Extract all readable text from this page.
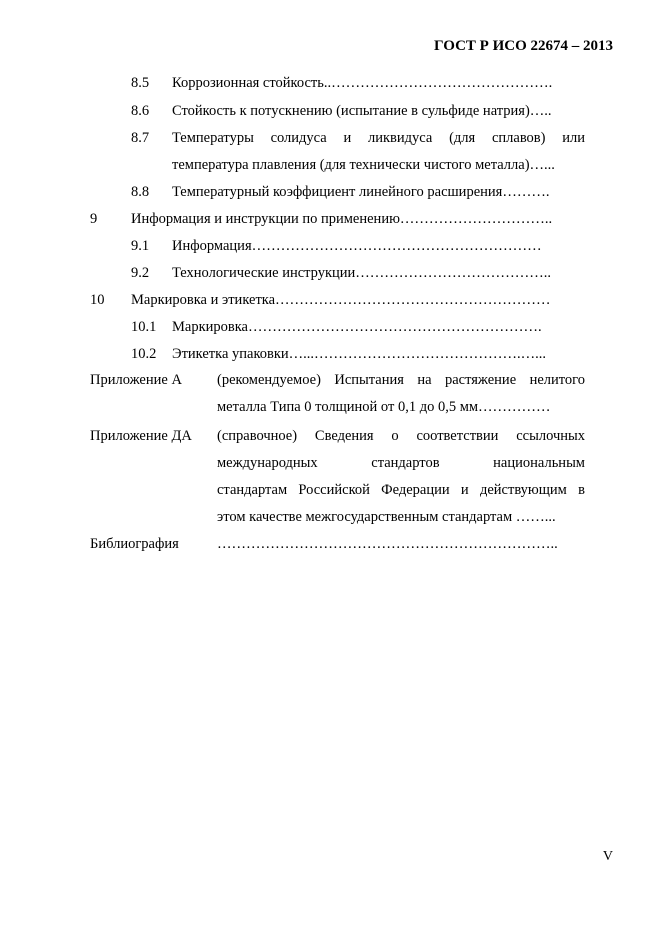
ГОСТ Р ИСО 22674 – 2013
8.5 Коррозионная стойкость..……………………………………….
8.6 Стойкость к потускнению (испытание в сульфиде натрия)…..
8.7 Температуры солидуса и ликвидуса (для сплавов) или
температура плавления (для технически чистого металла)…...
8.8 Температурный коэффициент линейного расширения……….
9 Информация и инструкции по применению…………………………..
9.1 Информация……………………………………………………
9.2 Технологические инструкции…………………………………..
10 Маркировка и этикетка…………………………………………………
10.1 Маркировка…………………………………………………….
10.2 Этикетка упаковки…...…………………………………….…...
Приложение А (рекомендуемое) Испытания на растяжение нелитого
металла Типа 0 толщиной от 0,1 до 0,5 мм……………
Приложение ДА (справочное) Сведения о соответствии ссылочных
международных стандартов национальным
стандартам Российской Федерации и действующим в
этом качестве межгосударственным стандартам ……...
Библиография	……………………………………………………………..
V
